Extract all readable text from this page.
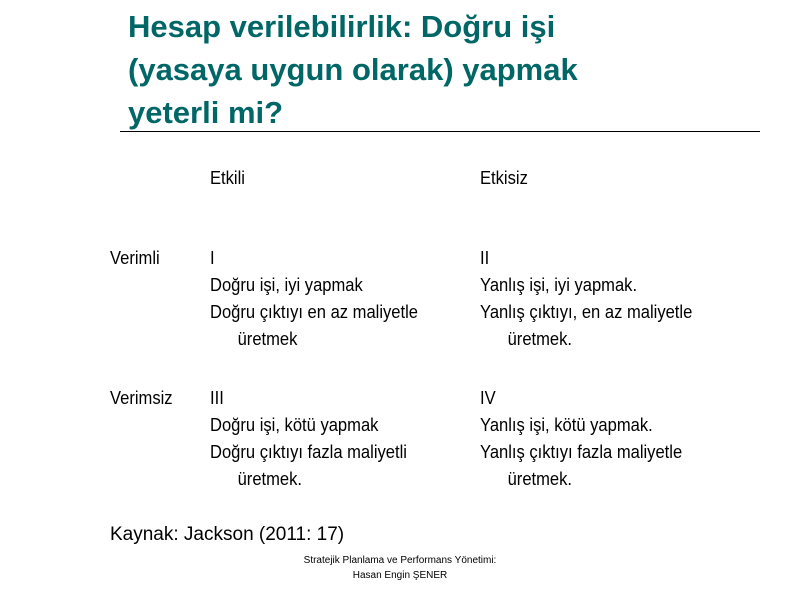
Hesap verilebilirlik: Doğru işi
(yasaya uygun olarak) yapmak
yeterli mi?
Etkili	Etkisiz
Verimli
Verimsiz
I
Doğru işi, iyi yapmak
Doğru çıktıyı en az maliyetle
üretmek
II
Yanlış işi, iyi yapmak.
Yanlış çıktıyı, en az maliyetle
üretmek.
III
Doğru işi, kötü yapmak
Doğru çıktıyı fazla maliyetli
üretmek.
IV
Yanlış işi, kötü yapmak.
Yanlış çıktıyı fazla maliyetle
üretmek.
Kaynak: Jackson (2011: 17)
Stratejik Planlama ve Performans Yönetimi:
Hasan Engin ŞENER
